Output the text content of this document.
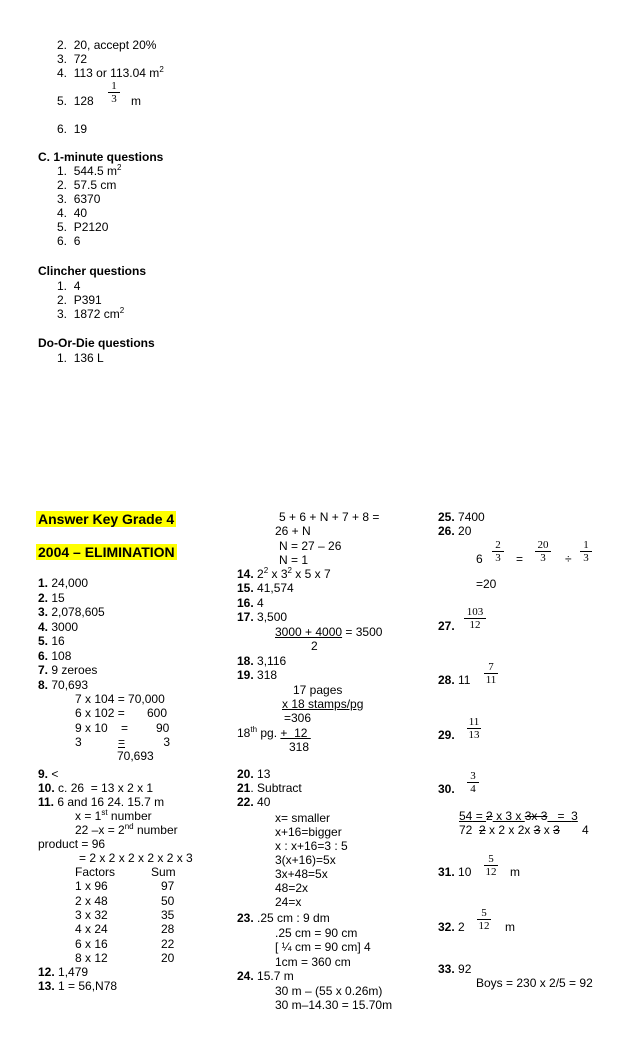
2. 20, accept 20%
3. 72
4. 113 or 113.04 $m^2$
5. $128 \frac{1}{3}$ m
6. 19
C. 1-minute questions
1. 544.5 $m^2$
2. 57.5 cm
3. 6370
4. 40
5. P2120
6. 6
Clincher questions
1. 4
2. P391
3. 1872 $cm^2$
Do-Or-Die questions
1. 136 L
Answer Key Grade 4
2004 – ELIMINATION
1. 24,000
2. 15
3. 2,078,605
4. 3000
5. 16
6. 108
7. 9 zeroes
8. 70,693
7 x 104 = 70,000
6 x 102 = 600
9 x 10 = 90
3	=	3
70,693
9. <
10. c. 26  = 13 x 2 x 1
11. 6 and 16 24. 15.7 m
x = 1st number
22 –x = 2nd number
product = 96
= 2 x 2 x 2 x 2 x 2 x 3
Factors	Sum
1 x 96	97
2 x 48	50
3 x 32	35
4 x 24	28
6 x 16	22
8 x 12	20
12. 1,479
13. 1 = 56,N78
5 + 6 + N + 7 + 8 =
26 + N
N = 27 – 26
N = 1
14. $2^2$ x $3^2$ x 5 x 7
15. 41,574
16. 4
17. 3,500
3000 + 4000 = 3500
2
18. 3,116
19. 318
17 pages
x 18 stamps/pg
=306
18th pg. +  12
318
20. 13
21. Subtract
22. 40
x= smaller
x+16=bigger
x : x+16=3 : 5
3(x+16)=5x
3x+48=5x
48=2x
24=x
23. .25 cm : 9 dm
.25 cm = 90 cm
[ ¼ cm = 90 cm] 4
1cm = 360 cm
24. 15.7 m
30 m – (55 x 0.26m)
30 m–14.30 = 15.70m
25. 7400
26. 20
$6 \frac{2}{3} = \frac{20}{3} \div \frac{1}{3}$
=20
27. $\frac{103}{12}$
28. $11 \frac{7}{11}$
29. $\frac{11}{13}$
30. $\frac{3}{4}$
54 = 2 x 3 x 3x 3   =  3
72  2 x 2 x 2x 3 x 3 4
31. $10 \frac{5}{12}$ m
32. $2 \frac{5}{12}$ m
33. 92
Boys = 230 x 2/5 = 92
